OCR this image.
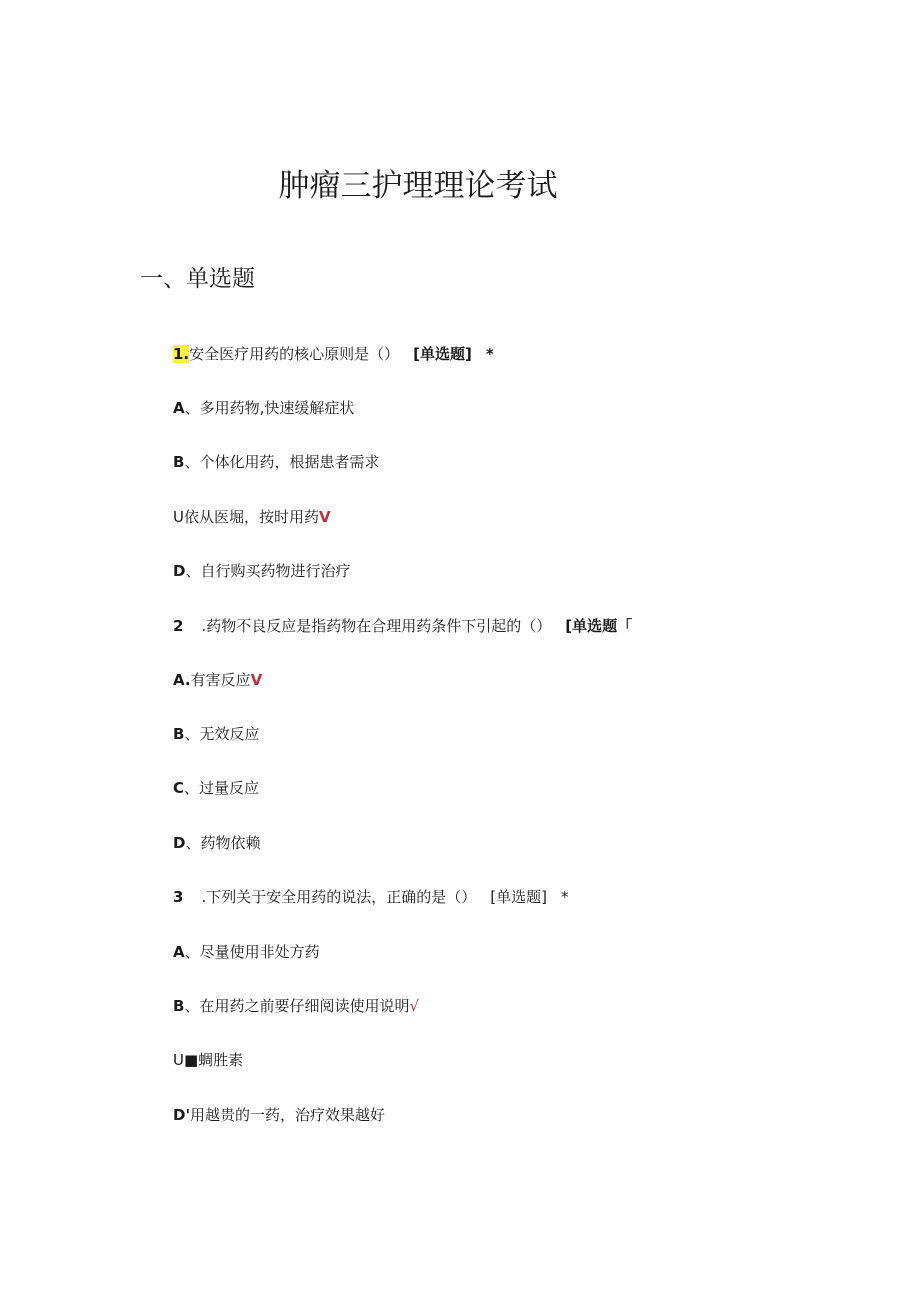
肿瘤三护理理论考试
一、单选题
1.安全医疗用药的核心原则是（） [单选题] *
A、多用药物,快速缓解症状
B、个体化用药，根据患者需求
U依从医堀，按时用药V
D、自行购买药物进行治疗
2 .药物不良反应是指药物在合理用药条件下引起的（） [单选题「
A.有害反应V
B、无效反应
C、过量反应
D、药物依赖
3 .下列关于安全用药的说法，正确的是（） [单选题] *
A、尽量使用非处方药
B、在用药之前要仔细阅读使用说明√
U■蜩胜素
D'用越贵的一药，治疗效果越好
